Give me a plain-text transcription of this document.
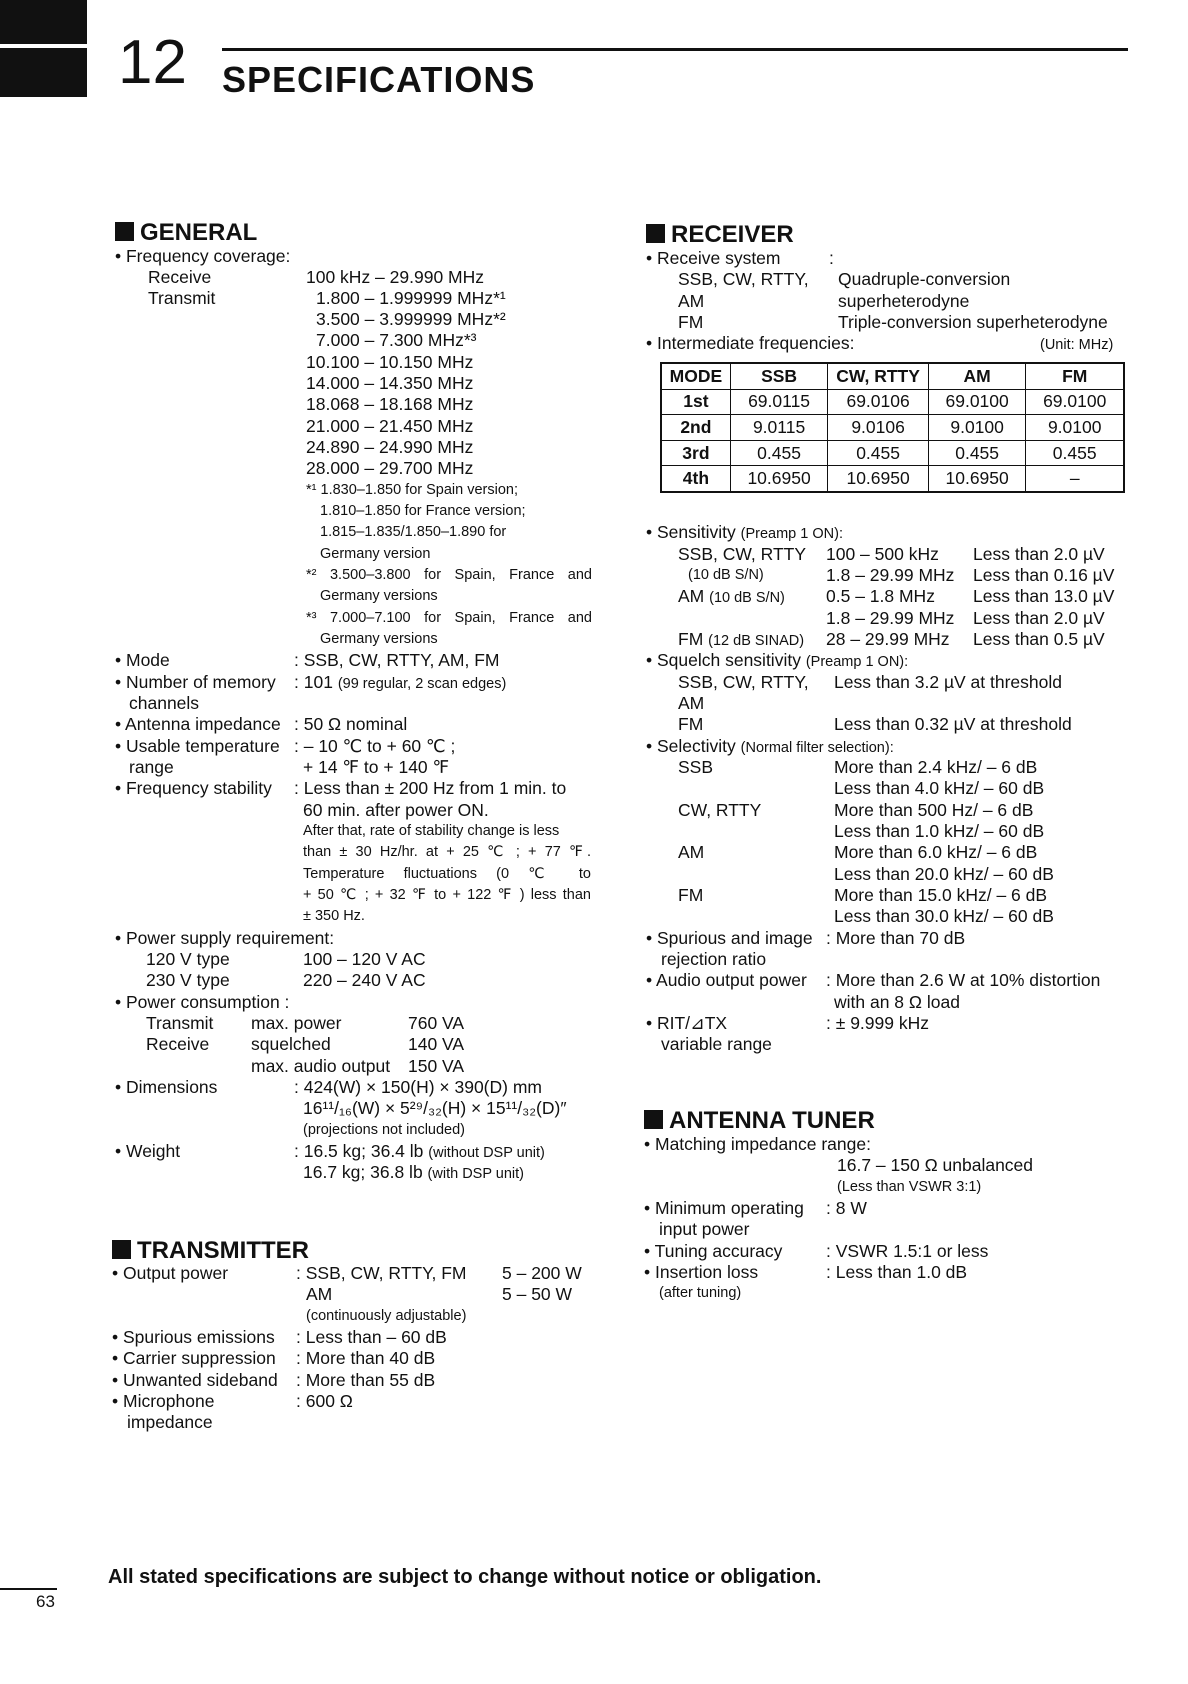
12 SPECIFICATIONS
GENERAL
• Frequency coverage:
Receive	100 kHz – 29.990 MHz
Transmit	1.800 – 1.999999 MHz*¹
3.500 – 3.999999 MHz*²
7.000 – 7.300 MHz*³
10.100 – 10.150 MHz
14.000 – 14.350 MHz
18.068 – 18.168 MHz
21.000 – 21.450 MHz
24.890 – 24.990 MHz
28.000 – 29.700 MHz
*¹ 1.830–1.850 for Spain version;
1.810–1.850 for France version;
1.815–1.835/1.850–1.890 for
Germany version
*² 3.500–3.800 for Spain, France and
Germany versions
*³ 7.000–7.100 for Spain, France and
Germany versions
• Mode	: SSB, CW, RTTY, AM, FM
• Number of memory : 101 (99 regular, 2 scan edges)
channels
• Antenna impedance : 50 Ω nominal
• Usable temperature : – 10 ℃ to + 60 ℃ ;
range	+ 14 ℉ to + 140 ℉
• Frequency stability : Less than ± 200 Hz from 1 min. to
60 min. after power ON.
After that, rate of stability change is less
than ± 30 Hz/hr. at + 25 ℃ ; + 77 ℉.
Temperature fluctuations (0 ℃ to
+ 50 ℃ ; + 32 ℉ to + 122 ℉ ) less than
± 350 Hz.
• Power supply requirement:
120 V type	100 – 120 V AC
230 V type	220 – 240 V AC
• Power consumption :
Transmit max. power	760 VA
Receive squelched	140 VA
max. audio output 150 VA
• Dimensions	: 424(W) × 150(H) × 390(D) mm
16¹¹/₁₆(W) × 5²⁹/₃₂(H) × 15¹¹/₃₂(D)″
(projections not included)
• Weight	: 16.5 kg; 36.4 lb (without DSP unit)
16.7 kg; 36.8 lb (with DSP unit)
TRANSMITTER
• Output power	: SSB, CW, RTTY, FM 5 – 200 W
AM	5 – 50 W
(continuously adjustable)
• Spurious emissions : Less than – 60 dB
• Carrier suppression : More than 40 dB
• Unwanted sideband : More than 55 dB
• Microphone	: 600 Ω
impedance
RECEIVER
• Receive system	:
SSB, CW, RTTY, Quadruple-conversion
AM	superheterodyne
FM	Triple-conversion superheterodyne
• Intermediate frequencies:	(Unit: MHz)
MODE	SSB	CW, RTTY	AM	FM
1st	69.0115	69.0106	69.0100	69.0100
2nd	9.0115	9.0106	9.0100	9.0100
3rd	0.455	0.455	0.455	0.455
4th	10.6950	10.6950	10.6950	–
• Sensitivity (Preamp 1 ON):
SSB, CW, RTTY 100 – 500 kHz Less than 2.0 µV
(10 dB S/N)	1.8 – 29.99 MHz Less than 0.16 µV
AM (10 dB S/N) 0.5 – 1.8 MHz Less than 13.0 µV
1.8 – 29.99 MHz Less than 2.0 µV
FM (12 dB SINAD) 28 – 29.99 MHz Less than 0.5 µV
• Squelch sensitivity (Preamp 1 ON):
SSB, CW, RTTY, Less than 3.2 µV at threshold
AM
FM	Less than 0.32 µV at threshold
• Selectivity (Normal filter selection):
SSB	More than 2.4 kHz/ – 6 dB
Less than 4.0 kHz/ – 60 dB
CW, RTTY	More than 500 Hz/ – 6 dB
Less than 1.0 kHz/ – 60 dB
AM	More than 6.0 kHz/ – 6 dB
Less than 20.0 kHz/ – 60 dB
FM	More than 15.0 kHz/ – 6 dB
Less than 30.0 kHz/ – 60 dB
• Spurious and image : More than 70 dB
rejection ratio
• Audio output power : More than 2.6 W at 10% distortion
with an 8 Ω load
• RIT/⊿TX	: ± 9.999 kHz
variable range
ANTENNA TUNER
• Matching impedance range:
16.7 – 150 Ω unbalanced
(Less than VSWR 3:1)
• Minimum operating : 8 W
input power
• Tuning accuracy : VSWR 1.5:1 or less
• Insertion loss	: Less than 1.0 dB
(after tuning)
All stated specifications are subject to change without notice or obligation.
63
